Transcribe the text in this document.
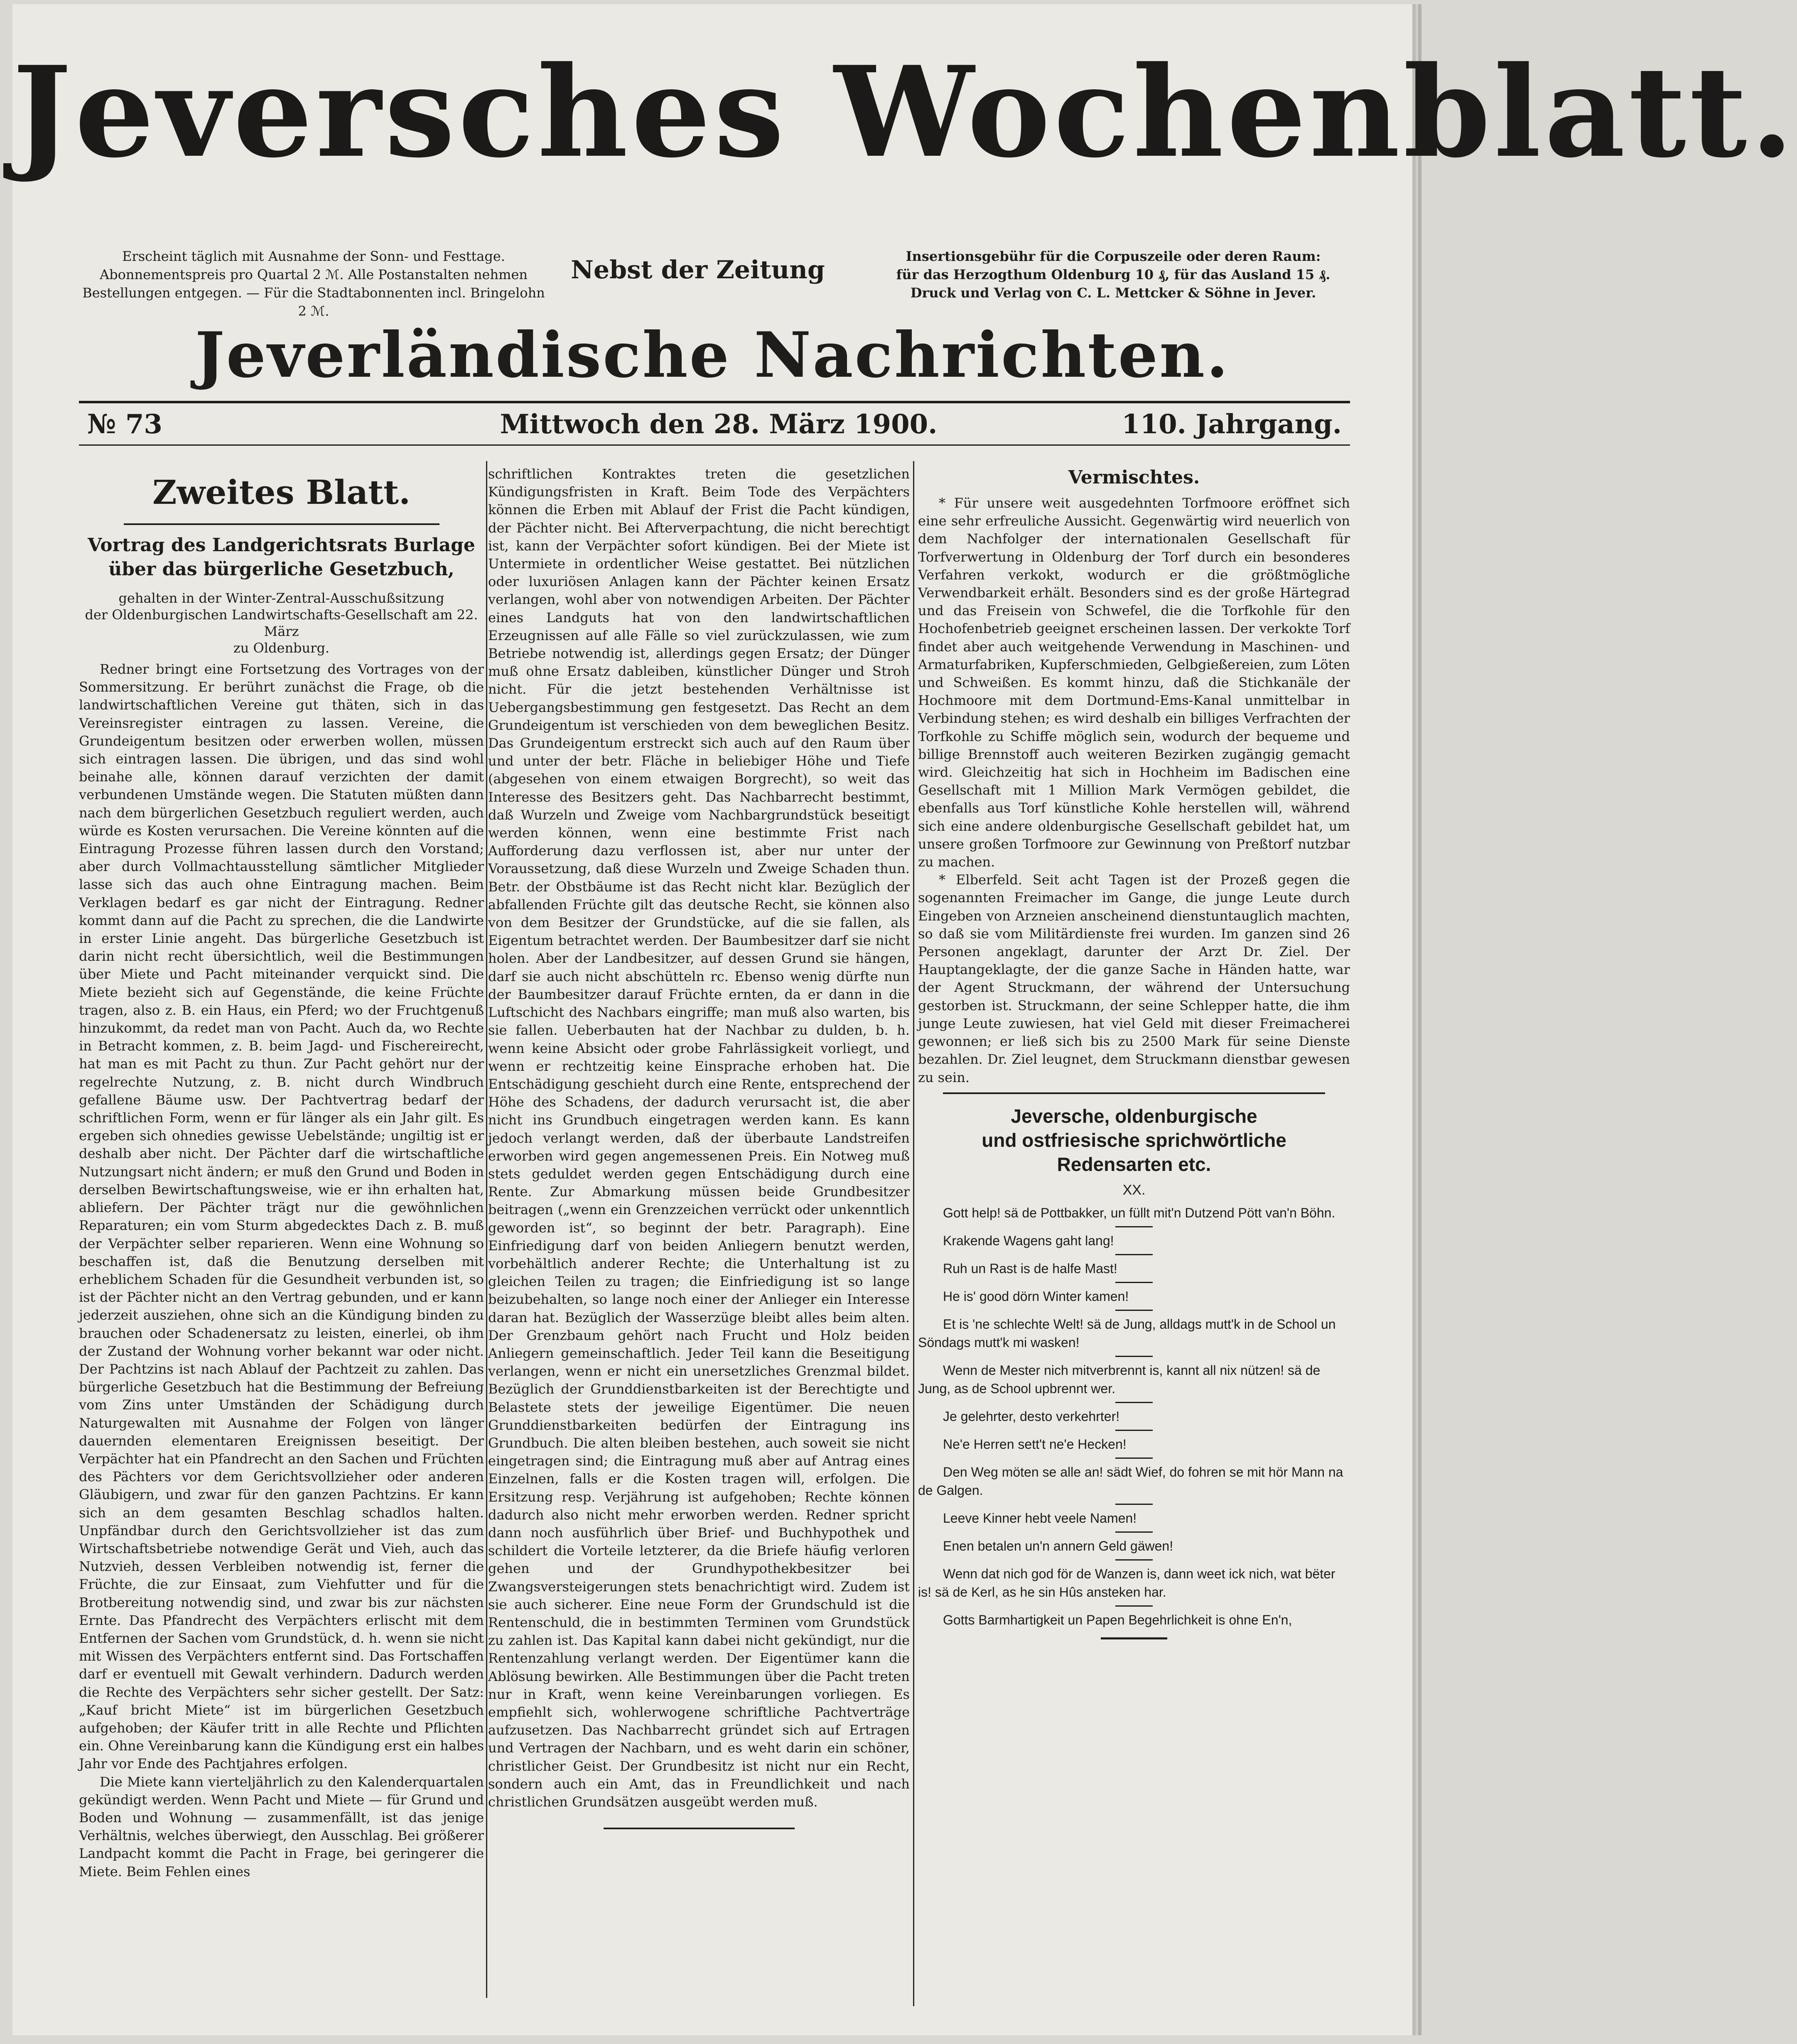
Jeversches Wochenblatt.
Erscheint täglich mit Ausnahme der Sonn- und Festtage.
Abonnementspreis pro Quartal 2 ℳ. Alle Postanstalten nehmen
Bestellungen entgegen. — Für die Stadtabonnenten incl. Bringelohn 2 ℳ.
Nebst der Zeitung	Insertionsgebühr für die Corpuszeile oder deren Raum:
für das Herzogthum Oldenburg 10 ₰, für das Ausland 15 ₰.
Druck und Verlag von C. L. Mettcker & Söhne in Jever.
Jeverländische Nachrichten.
№ 73	Mittwoch den 28. März 1900.	110. Jahrgang.
Zweites Blatt.
Vortrag des Landgerichtsrats Burlage
über das bürgerliche Gesetzbuch,
gehalten in der Winter-Zentral-Ausschußsitzung
der Oldenburgischen Landwirtschafts-Gesellschaft am 22. März
zu Oldenburg.

Redner bringt eine Fortsetzung des Vortrages von der Sommersitzung. Er berührt zunächst die Frage, ob die landwirtschaftlichen Vereine gut thäten, sich in das Vereinsregister eintragen zu lassen. Vereine, die Grundeigentum besitzen oder erwerben wollen, müssen sich eintragen lassen. Die übrigen, und das sind wohl beinahe alle, können darauf verzichten der damit verbundenen Umstände wegen. Die Statuten müßten dann nach dem bürgerlichen Gesetzbuch reguliert werden, auch würde es Kosten verursachen. Die Vereine könnten auf die Eintragung Prozesse führen lassen durch den Vorstand; aber durch Vollmachtausstellung sämtlicher Mitglieder lasse sich das auch ohne Eintragung machen. Beim Verklagen bedarf es gar nicht der Eintragung. Redner kommt dann auf die Pacht zu sprechen, die die Landwirte in erster Linie angeht. Das bürgerliche Gesetzbuch ist darin nicht recht übersichtlich, weil die Bestimmungen über Miete und Pacht miteinander verquickt sind. Die Miete bezieht sich auf Gegenstände, die keine Früchte tragen, also z. B. ein Haus, ein Pferd; wo der Fruchtgenuß hinzukommt, da redet man von Pacht. Auch da, wo Rechte in Betracht kommen, z. B. beim Jagd- und Fischereirecht, hat man es mit Pacht zu thun. Zur Pacht gehört nur der regelrechte Nutzung, z. B. nicht durch Windbruch gefallene Bäume usw. Der Pachtvertrag bedarf der schriftlichen Form, wenn er für länger als ein Jahr gilt. Es ergeben sich ohnedies gewisse Uebelstände; ungiltig ist er deshalb aber nicht. Der Pächter darf die wirtschaftliche Nutzungsart nicht ändern; er muß den Grund und Boden in derselben Bewirtschaftungsweise, wie er ihn erhalten hat, abliefern. Der Pächter trägt nur die gewöhnlichen Reparaturen; ein vom Sturm abgedecktes Dach z. B. muß der Verpächter selber reparieren. Wenn eine Wohnung so beschaffen ist, daß die Benutzung derselben mit erheblichem Schaden für die Gesundheit verbunden ist, so ist der Pächter nicht an den Vertrag gebunden, und er kann jederzeit ausziehen, ohne sich an die Kündigung binden zu brauchen oder Schadenersatz zu leisten, einerlei, ob ihm der Zustand der Wohnung vorher bekannt war oder nicht. Der Pachtzins ist nach Ablauf der Pachtzeit zu zahlen. Das bürgerliche Gesetzbuch hat die Bestimmung der Befreiung vom Zins unter Umständen der Schädigung durch Naturgewalten mit Ausnahme der Folgen von länger dauernden elementaren Ereignissen beseitigt. Der Verpächter hat ein Pfandrecht an den Sachen und Früchten des Pächters vor dem Gerichtsvollzieher oder anderen Gläubigern, und zwar für den ganzen Pachtzins. Er kann sich an dem gesamten Beschlag schadlos halten. Unpfändbar durch den Gerichtsvollzieher ist das zum Wirtschaftsbetriebe notwendige Gerät und Vieh, auch das Nutzvieh, dessen Verbleiben notwendig ist, ferner die Früchte, die zur Einsaat, zum Viehfutter und für die Brotbereitung notwendig sind, und zwar bis zur nächsten Ernte. Das Pfandrecht des Verpächters erlischt mit dem Entfernen der Sachen vom Grundstück, d. h. wenn sie nicht mit Wissen des Verpächters entfernt sind. Das Fortschaffen darf er eventuell mit Gewalt verhindern. Dadurch werden die Rechte des Verpächters sehr sicher gestellt. Der Satz: „Kauf bricht Miete“ ist im bürgerlichen Gesetzbuch aufgehoben; der Käufer tritt in alle Rechte und Pflichten ein. Ohne Vereinbarung kann die Kündigung erst ein halbes Jahr vor Ende des Pachtjahres erfolgen.

Die Miete kann vierteljährlich zu den Kalenderquartalen gekündigt werden. Wenn Pacht und Miete — für Grund und Boden und Wohnung — zusammenfällt, ist das jenige Verhältnis, welches überwiegt, den Ausschlag. Bei größerer Landpacht kommt die Pacht in Frage, bei geringerer die Miete. Beim Fehlen eines

schriftlichen Kontraktes treten die gesetzlichen Kündigungsfristen in Kraft. Beim Tode des Verpächters können die Erben mit Ablauf der Frist die Pacht kündigen, der Pächter nicht. Bei Afterverpachtung, die nicht berechtigt ist, kann der Verpächter sofort kündigen. Bei der Miete ist Untermiete in ordentlicher Weise gestattet. Bei nützlichen oder luxuriösen Anlagen kann der Pächter keinen Ersatz verlangen, wohl aber von notwendigen Arbeiten. Der Pächter eines Landguts hat von den landwirtschaftlichen Erzeugnissen auf alle Fälle so viel zurückzulassen, wie zum Betriebe notwendig ist, allerdings gegen Ersatz; der Dünger muß ohne Ersatz dableiben, künstlicher Dünger und Stroh nicht. Für die jetzt bestehenden Verhältnisse ist Uebergangsbestimmung gen festgesetzt. Das Recht an dem Grundeigentum ist verschieden von dem beweglichen Besitz. Das Grundeigentum erstreckt sich auch auf den Raum über und unter der betr. Fläche in beliebiger Höhe und Tiefe (abgesehen von einem etwaigen Borgrecht), so weit das Interesse des Besitzers geht. Das Nachbarrecht bestimmt, daß Wurzeln und Zweige vom Nachbargrundstück beseitigt werden können, wenn eine bestimmte Frist nach Aufforderung dazu verflossen ist, aber nur unter der Voraussetzung, daß diese Wurzeln und Zweige Schaden thun. Betr. der Obstbäume ist das Recht nicht klar. Bezüglich der abfallenden Früchte gilt das deutsche Recht, sie können also von dem Besitzer der Grundstücke, auf die sie fallen, als Eigentum betrachtet werden. Der Baumbesitzer darf sie nicht holen. Aber der Landbesitzer, auf dessen Grund sie hängen, darf sie auch nicht abschütteln rc. Ebenso wenig dürfte nun der Baumbesitzer darauf Früchte ernten, da er dann in die Luftschicht des Nachbars eingriffe; man muß also warten, bis sie fallen. Ueberbauten hat der Nachbar zu dulden, b. h. wenn keine Absicht oder grobe Fahrlässigkeit vorliegt, und wenn er rechtzeitig keine Einsprache erhoben hat. Die Entschädigung geschieht durch eine Rente, entsprechend der Höhe des Schadens, der dadurch verursacht ist, die aber nicht ins Grundbuch eingetragen werden kann. Es kann jedoch verlangt werden, daß der überbaute Landstreifen erworben wird gegen angemessenen Preis. Ein Notweg muß stets geduldet werden gegen Entschädigung durch eine Rente. Zur Abmarkung müssen beide Grundbesitzer beitragen („wenn ein Grenzzeichen verrückt oder unkenntlich geworden ist“, so beginnt der betr. Paragraph). Eine Einfriedigung darf von beiden Anliegern benutzt werden, vorbehältlich anderer Rechte; die Unterhaltung ist zu gleichen Teilen zu tragen; die Einfriedigung ist so lange beizubehalten, so lange noch einer der Anlieger ein Interesse daran hat. Bezüglich der Wasserzüge bleibt alles beim alten. Der Grenzbaum gehört nach Frucht und Holz beiden Anliegern gemeinschaftlich. Jeder Teil kann die Beseitigung verlangen, wenn er nicht ein unersetzliches Grenzmal bildet. Bezüglich der Grunddienstbarkeiten ist der Berechtigte und Belastete stets der jeweilige Eigentümer. Die neuen Grunddienstbarkeiten bedürfen der Eintragung ins Grundbuch. Die alten bleiben bestehen, auch soweit sie nicht eingetragen sind; die Eintragung muß aber auf Antrag eines Einzelnen, falls er die Kosten tragen will, erfolgen. Die Ersitzung resp. Verjährung ist aufgehoben; Rechte können dadurch also nicht mehr erworben werden. Redner spricht dann noch ausführlich über Brief- und Buchhypothek und schildert die Vorteile letzterer, da die Briefe häufig verloren gehen und der Grundhypothekbesitzer bei Zwangsversteigerungen stets benachrichtigt wird. Zudem ist sie auch sicherer. Eine neue Form der Grundschuld ist die Rentenschuld, die in bestimmten Terminen vom Grundstück zu zahlen ist. Das Kapital kann dabei nicht gekündigt, nur die Rentenzahlung verlangt werden. Der Eigentümer kann die Ablösung bewirken. Alle Bestimmungen über die Pacht treten nur in Kraft, wenn keine Vereinbarungen vorliegen. Es empfiehlt sich, wohlerwogene schriftliche Pachtverträge aufzusetzen. Das Nachbarrecht gründet sich auf Ertragen und Vertragen der Nachbarn, und es weht darin ein schöner, christlicher Geist. Der Grundbesitz ist nicht nur ein Recht, sondern auch ein Amt, das in Freundlichkeit und nach christlichen Grundsätzen ausgeübt werden muß.

Vermischtes.

* Für unsere weit ausgedehnten Torfmoore eröffnet sich eine sehr erfreuliche Aussicht. Gegenwärtig wird neuerlich von dem Nachfolger der internationalen Gesellschaft für Torfverwertung in Oldenburg der Torf durch ein besonderes Verfahren verkokt, wodurch er die größtmögliche Verwendbarkeit erhält. Besonders sind es der große Härtegrad und das Freisein von Schwefel, die die Torfkohle für den Hochofenbetrieb geeignet erscheinen lassen. Der verkokte Torf findet aber auch weitgehende Verwendung in Maschinen- und Armaturfabriken, Kupferschmieden, Gelbgießereien, zum Löten und Schweißen. Es kommt hinzu, daß die Stichkanäle der Hochmoore mit dem Dortmund-Ems-Kanal unmittelbar in Verbindung stehen; es wird deshalb ein billiges Verfrachten der Torfkohle zu Schiffe möglich sein, wodurch der bequeme und billige Brennstoff auch weiteren Bezirken zugängig gemacht wird. Gleichzeitig hat sich in Hochheim im Badischen eine Gesellschaft mit 1 Million Mark Vermögen gebildet, die ebenfalls aus Torf künstliche Kohle herstellen will, während sich eine andere oldenburgische Gesellschaft gebildet hat, um unsere großen Torfmoore zur Gewinnung von Preßtorf nutzbar zu machen.

* Elberfeld. Seit acht Tagen ist der Prozeß gegen die sogenannten Freimacher im Gange, die junge Leute durch Eingeben von Arzneien anscheinend dienstuntauglich machten, so daß sie vom Militärdienste frei wurden. Im ganzen sind 26 Personen angeklagt, darunter der Arzt Dr. Ziel. Der Hauptangeklagte, der die ganze Sache in Händen hatte, war der Agent Struckmann, der während der Untersuchung gestorben ist. Struckmann, der seine Schlepper hatte, die ihm junge Leute zuwiesen, hat viel Geld mit dieser Freimacherei gewonnen; er ließ sich bis zu 2500 Mark für seine Dienste bezahlen. Dr. Ziel leugnet, dem Struckmann dienstbar gewesen zu sein.

Jeversche, oldenburgische
und ostfriesische sprichwörtliche
Redensarten etc.
XX.
Gott help! sä de Pottbakker, un füllt mit'n Dutzend Pött van'n Böhn.
Krakende Wagens gaht lang!
Ruh un Rast is de halfe Mast!
He is' good dörn Winter kamen!
Et is 'ne schlechte Welt! sä de Jung, alldags mutt'k in de School un Söndags mutt'k mi wasken!
Wenn de Mester nich mitverbrennt is, kannt all nix nützen! sä de Jung, as de School upbrennt wer.
Je gelehrter, desto verkehrter!
Ne'e Herren sett't ne'e Hecken!
Den Weg möten se alle an! sädt Wief, do fohren se mit hör Mann na de Galgen.
Leeve Kinner hebt veele Namen!
Enen betalen un'n annern Geld gäwen!
Wenn dat nich god för de Wanzen is, dann weet ick nich, wat bëter is! sä de Kerl, as he sin Hûs ansteken har.
Gotts Barmhartigkeit un Papen Begehrlichkeit is ohne En'n,
